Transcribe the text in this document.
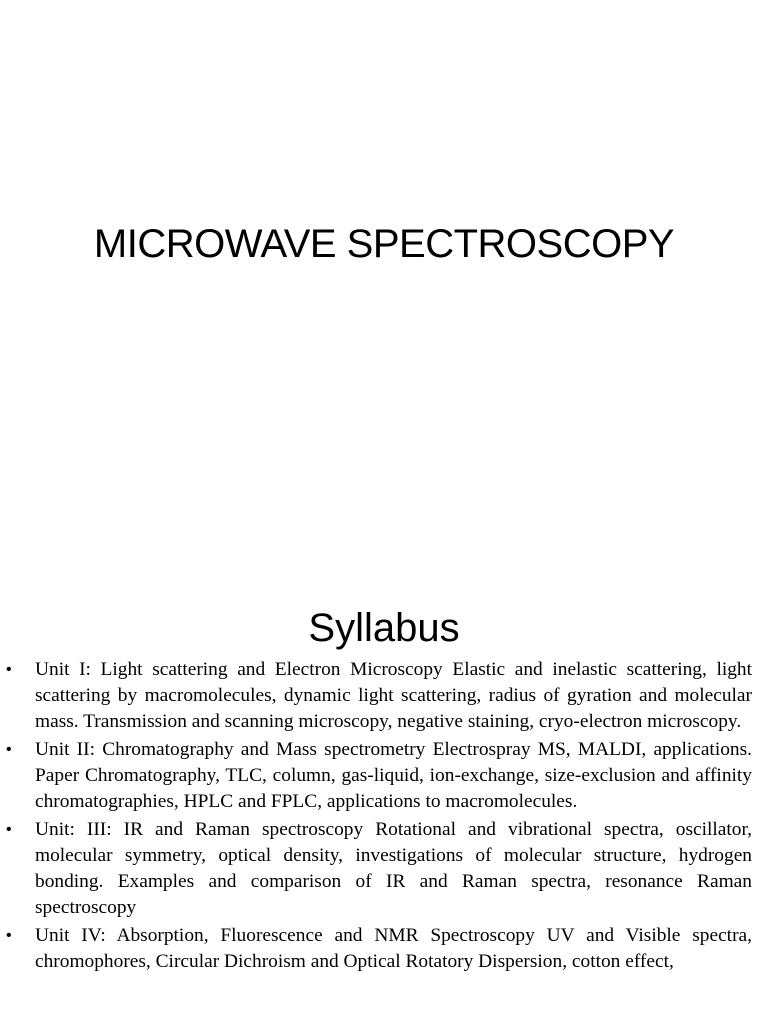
MICROWAVE SPECTROSCOPY
Syllabus
• Unit I: Light scattering and Electron Microscopy Elastic and inelastic scattering, light scattering by macromolecules, dynamic light scattering, radius of gyration and molecular mass. Transmission and scanning microscopy, negative staining, cryo-electron microscopy.
• Unit II: Chromatography and Mass spectrometry Electrospray MS, MALDI, applications. Paper Chromatography, TLC, column, gas-liquid, ion-exchange, size-exclusion and affinity chromatographies, HPLC and FPLC, applications to macromolecules.
• Unit: III: IR and Raman spectroscopy Rotational and vibrational spectra, oscillator, molecular symmetry, optical density, investigations of molecular structure, hydrogen bonding. Examples and comparison of IR and Raman spectra, resonance Raman spectroscopy
• Unit IV: Absorption, Fluorescence and NMR Spectroscopy UV and Visible spectra, chromophores, Circular Dichroism and Optical Rotatory Dispersion, cotton effect,
